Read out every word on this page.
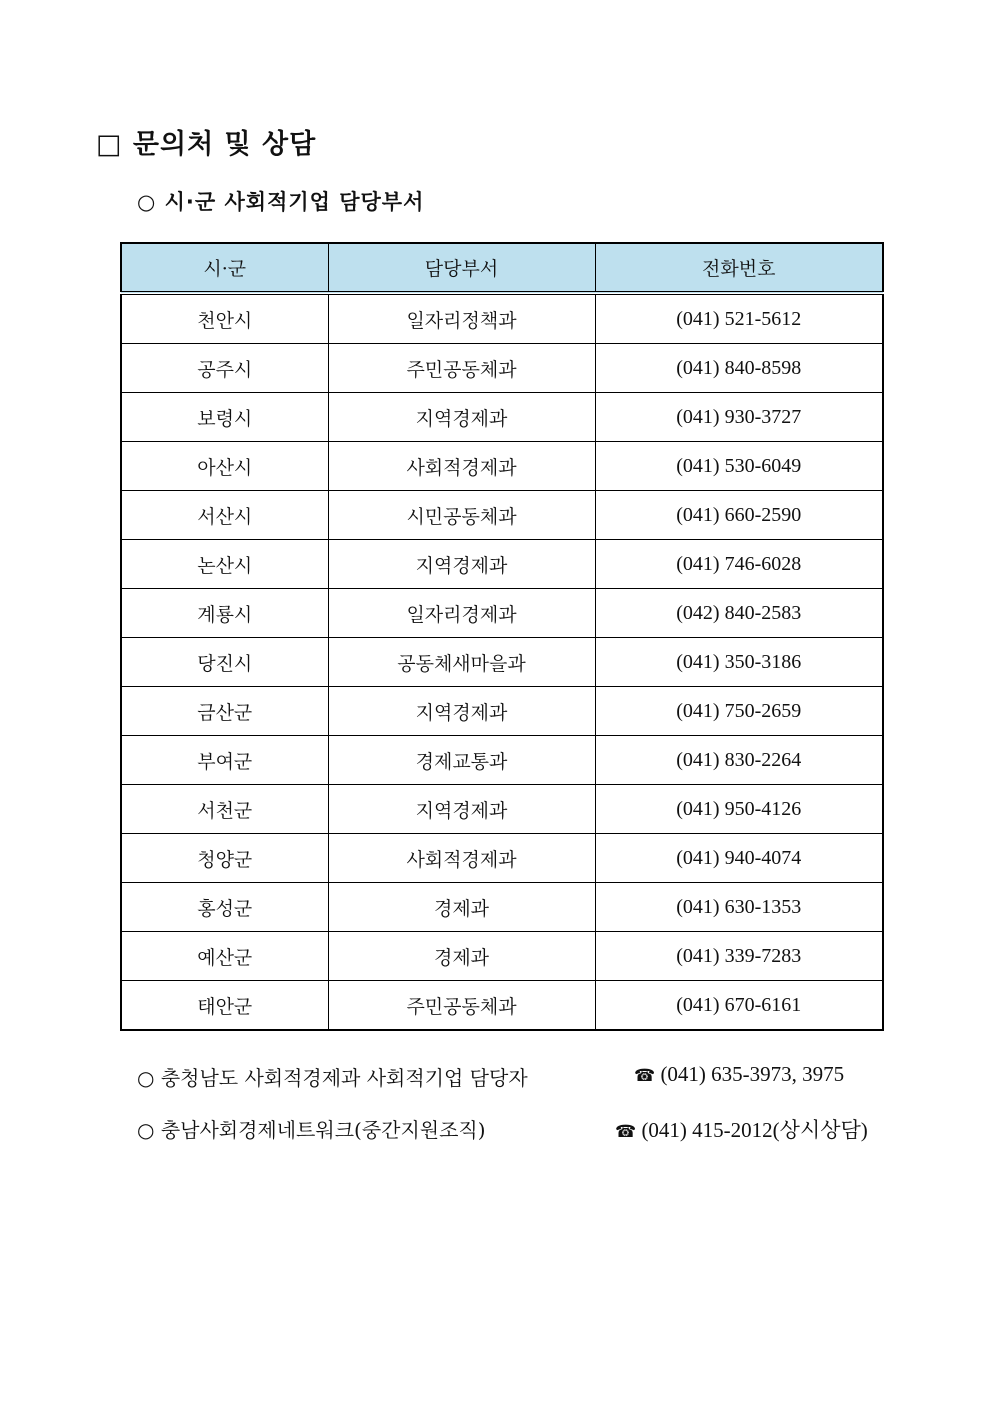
□ 문의처 및 상담
○ 시·군 사회적기업 담당부서
시·군	담당부서	전화번호
천안시	일자리정책과	(041) 521-5612
공주시	주민공동체과	(041) 840-8598
보령시	지역경제과	(041) 930-3727
아산시	사회적경제과	(041) 530-6049
서산시	시민공동체과	(041) 660-2590
논산시	지역경제과	(041) 746-6028
계룡시	일자리경제과	(042) 840-2583
당진시	공동체새마을과	(041) 350-3186
금산군	지역경제과	(041) 750-2659
부여군	경제교통과	(041) 830-2264
서천군	지역경제과	(041) 950-4126
청양군	사회적경제과	(041) 940-4074
홍성군	경제과	(041) 630-1353
예산군	경제과	(041) 339-7283
태안군	주민공동체과	(041) 670-6161
○ 충청남도 사회적경제과 사회적기업 담당자	☎ (041) 635-3973, 3975
○ 충남사회경제네트워크(중간지원조직)	☎ (041) 415-2012(상시상담)
